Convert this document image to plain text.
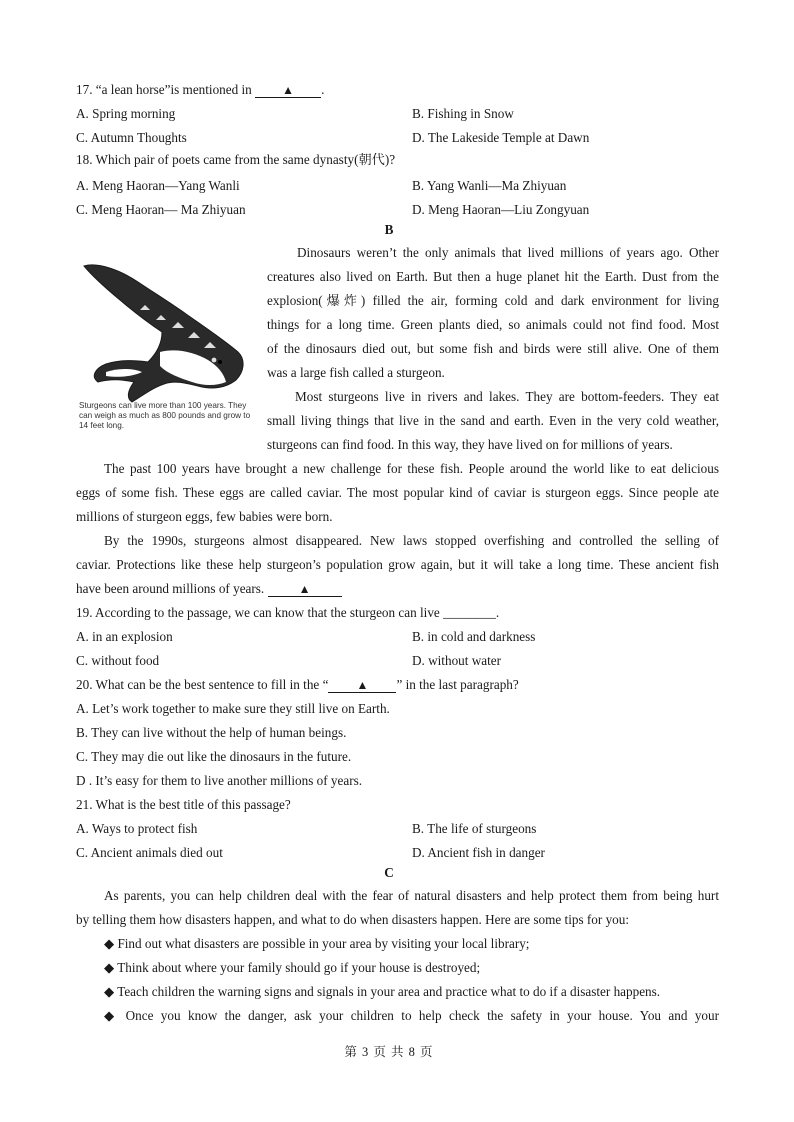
17. “a lean horse”is mentioned in ▲ .
A. Spring morning	B. Fishing in Snow
C. Autumn Thoughts	D. The Lakeside Temple at Dawn
18. Which pair of poets came from the same dynasty(朝代)?
A. Meng Haoran—Yang Wanli	B. Yang Wanli—Ma Zhiyuan
C. Meng Haoran— Ma Zhiyuan	D. Meng Haoran—Liu Zongyuan
B
Sturgeons can live more than 100 years. They can weigh as much as 800 pounds and grow to 14 feet long.
Dinosaurs weren’t the only animals that lived millions of years ago. Other
creatures also lived on Earth. But then a huge planet hit the Earth. Dust from the
explosion(爆炸) filled the air, forming cold and dark environment for living
things for a long time. Green plants died, so animals could not find food. Most
of the dinosaurs died out, but some fish and birds were still alive. One of them
was a large fish called a sturgeon.
Most sturgeons live in rivers and lakes. They are bottom-feeders. They eat
small living things that live in the sand and earth. Even in the very cold weather,
sturgeons can find food. In this way, they have lived on for millions of years.
The past 100 years have brought a new challenge for these fish. People around the world like to eat delicious
eggs of some fish. These eggs are called caviar. The most popular kind of caviar is sturgeon eggs. Since people ate
millions of sturgeon eggs, few babies were born.
By the 1990s, sturgeons almost disappeared. New laws stopped overfishing and controlled the selling of
caviar. Protections like these help sturgeon’s population grow again, but it will take a long time. These ancient fish
have been around millions of years.	▲
19. According to the passage, we can know that the sturgeon can live ________.
A. in an explosion	B. in cold and darkness
C. without food	D. without water
20. What can be the best sentence to fill in the “ ▲ ” in the last paragraph?
A. Let’s work together to make sure they still live on Earth.
B. They can live without the help of human beings.
C. They may die out like the dinosaurs in the future.
D . It’s easy for them to live another millions of years.
21. What is the best title of this passage?
A. Ways to protect fish	B. The life of sturgeons
C. Ancient animals died out	D. Ancient fish in danger
C
As parents, you can help children deal with the fear of natural disasters and help protect them from being hurt
by telling them how disasters happen, and what to do when disasters happen. Here are some tips for you:
◆ Find out what disasters are possible in your area by visiting your local library;
◆ Think about where your family should go if your house is destroyed;
◆ Teach children the warning signs and signals in your area and practice what to do if a disaster happens.
◆ Once you know the danger, ask your children to help check the safety in your house. You and your
第 3 页 共 8 页
